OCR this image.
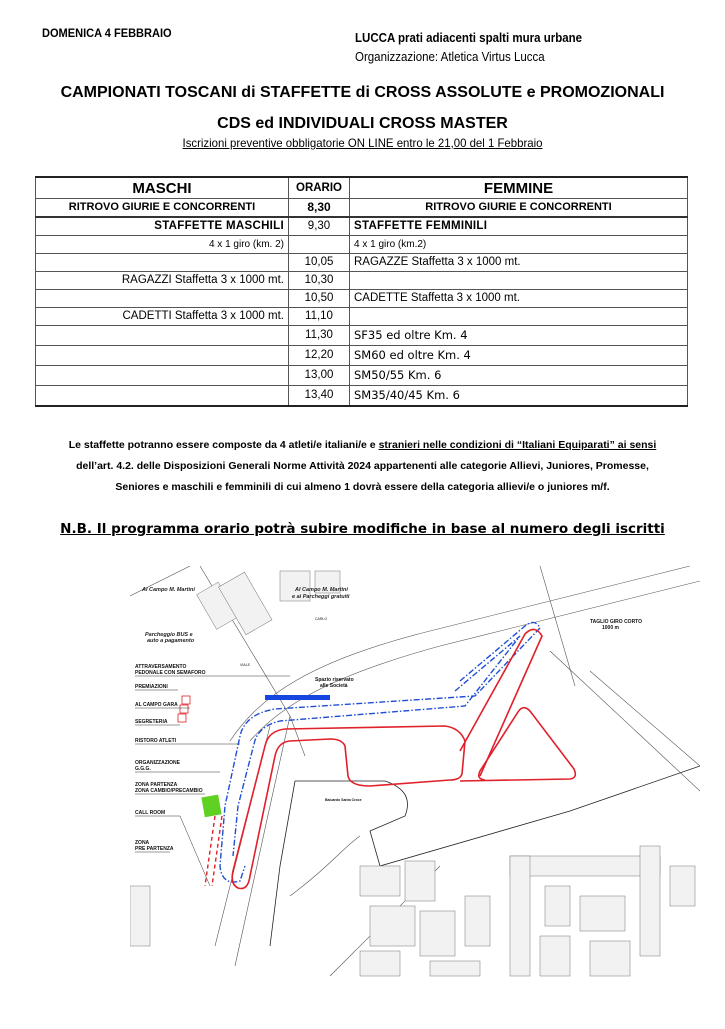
DOMENICA 4 FEBBRAIO	LUCCA prati adiacenti spalti mura urbane
Organizzazione: Atletica Virtus Lucca
CAMPIONATI TOSCANI di STAFFETTE di CROSS ASSOLUTE e PROMOZIONALI
CDS ed INDIVIDUALI CROSS MASTER
Iscrizioni preventive obbligatorie ON LINE entro le 21,00 del 1 Febbraio
MASCHI	ORARIO	FEMMINE
RITROVO GIURIE E CONCORRENTI	8,30	RITROVO GIURIE E CONCORRENTI
STAFFETTE MASCHILI	9,30	STAFFETTE FEMMINILI
4 x 1 giro (km. 2)		4 x 1 giro (km.2)
	10,05	RAGAZZE Staffetta 3 x 1000 mt.
RAGAZZI Staffetta 3 x 1000 mt.	10,30	
	10,50	CADETTE Staffetta 3 x 1000 mt.
CADETTI Staffetta 3 x 1000 mt.	11,10	
	11,30	SF35 ed oltre Km. 4
	12,20	SM60 ed oltre Km. 4
	13,00	SM50/55 Km. 6
	13,40	SM35/40/45 Km. 6
Le staffette potranno essere composte da 4 atleti/e italiani/e e stranieri nelle condizioni di “Italiani Equiparati” ai sensi
dell’art. 4.2. delle Disposizioni Generali Norme Attività 2024 appartenenti alle categorie Allievi, Juniores, Promesse,
Seniores e maschili e femminili di cui almeno 1 dovrà essere della categoria allievi/e o juniores m/f.
N.B. Il programma orario potrà subire modifiche in base al numero degli iscritti
Al Campo M. Martini	Al Campo M. Martini
e ai Parcheggi gratuiti
Parcheggio BUS e
auto a pagamento
ATTRAVERSAMENTO
PEDONALE CON SEMAFORO
PREMIAZIONI
AL CAMPO GARA
SEGRETERIA
RISTORO ATLETI
ORGANIZZAZIONE
G.G.G.
ZONA PARTENZA
ZONA CAMBIO/PRECAMBIO
CALL ROOM
ZONA
PRE PARTENZA
Spazio riservato
alle Società
TAGLIO GIRO CORTO
1000 m
Baluardo Santa Croce
VIALE
CARLO
